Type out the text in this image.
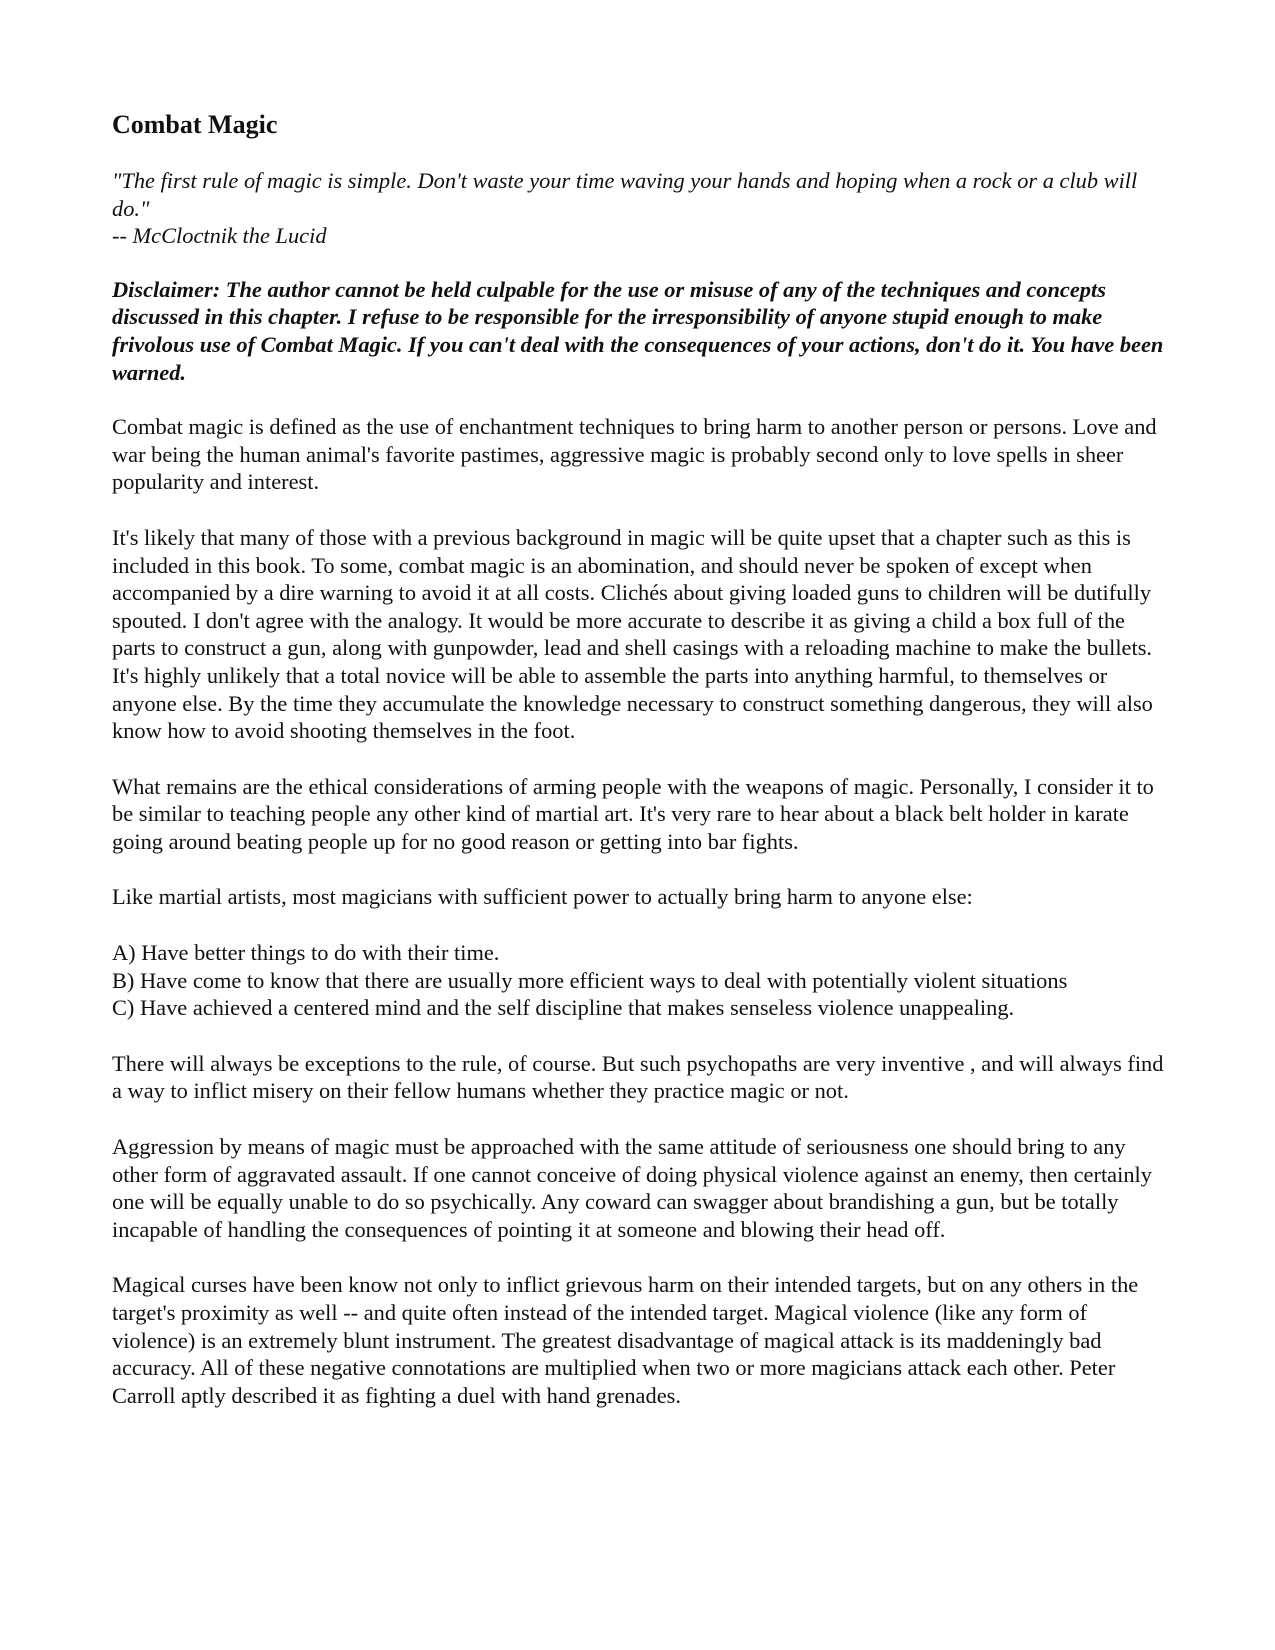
Combat Magic
"The first rule of magic is simple. Don't waste your time waving your hands and hoping when a rock or a club will do."
-- McCloctnik the Lucid
Disclaimer: The author cannot be held culpable for the use or misuse of any of the techniques and concepts discussed in this chapter. I refuse to be responsible for the irresponsibility of anyone stupid enough to make frivolous use of Combat Magic. If you can't deal with the consequences of your actions, don't do it. You have been warned.
Combat magic is defined as the use of enchantment techniques to bring harm to another person or persons. Love and war being the human animal's favorite pastimes, aggressive magic is probably second only to love spells in sheer popularity and interest.
It's likely that many of those with a previous background in magic will be quite upset that a chapter such as this is included in this book. To some, combat magic is an abomination, and should never be spoken of except when accompanied by a dire warning to avoid it at all costs. Clichés about giving loaded guns to children will be dutifully spouted. I don't agree with the analogy. It would be more accurate to describe it as giving a child a box full of the parts to construct a gun, along with gunpowder, lead and shell casings with a reloading machine to make the bullets. It's highly unlikely that a total novice will be able to assemble the parts into anything harmful, to themselves or anyone else. By the time they accumulate the knowledge necessary to construct something dangerous, they will also know how to avoid shooting themselves in the foot.
What remains are the ethical considerations of arming people with the weapons of magic. Personally, I consider it to be similar to teaching people any other kind of martial art. It's very rare to hear about a black belt holder in karate going around beating people up for no good reason or getting into bar fights.
Like martial artists, most magicians with sufficient power to actually bring harm to anyone else:
A) Have better things to do with their time.
B) Have come to know that there are usually more efficient ways to deal with potentially violent situations
C) Have achieved a centered mind and the self discipline that makes senseless violence unappealing.
There will always be exceptions to the rule, of course. But such psychopaths are very inventive , and will always find a way to inflict misery on their fellow humans whether they practice magic or not.
Aggression by means of magic must be approached with the same attitude of seriousness one should bring to any other form of aggravated assault. If one cannot conceive of doing physical violence against an enemy, then certainly one will be equally unable to do so psychically. Any coward can swagger about brandishing a gun, but be totally incapable of handling the consequences of pointing it at someone and blowing their head off.
Magical curses have been know not only to inflict grievous harm on their intended targets, but on any others in the target's proximity as well -- and quite often instead of the intended target. Magical violence (like any form of violence) is an extremely blunt instrument. The greatest disadvantage of magical attack is its maddeningly bad accuracy. All of these negative connotations are multiplied when two or more magicians attack each other. Peter Carroll aptly described it as fighting a duel with hand grenades.
